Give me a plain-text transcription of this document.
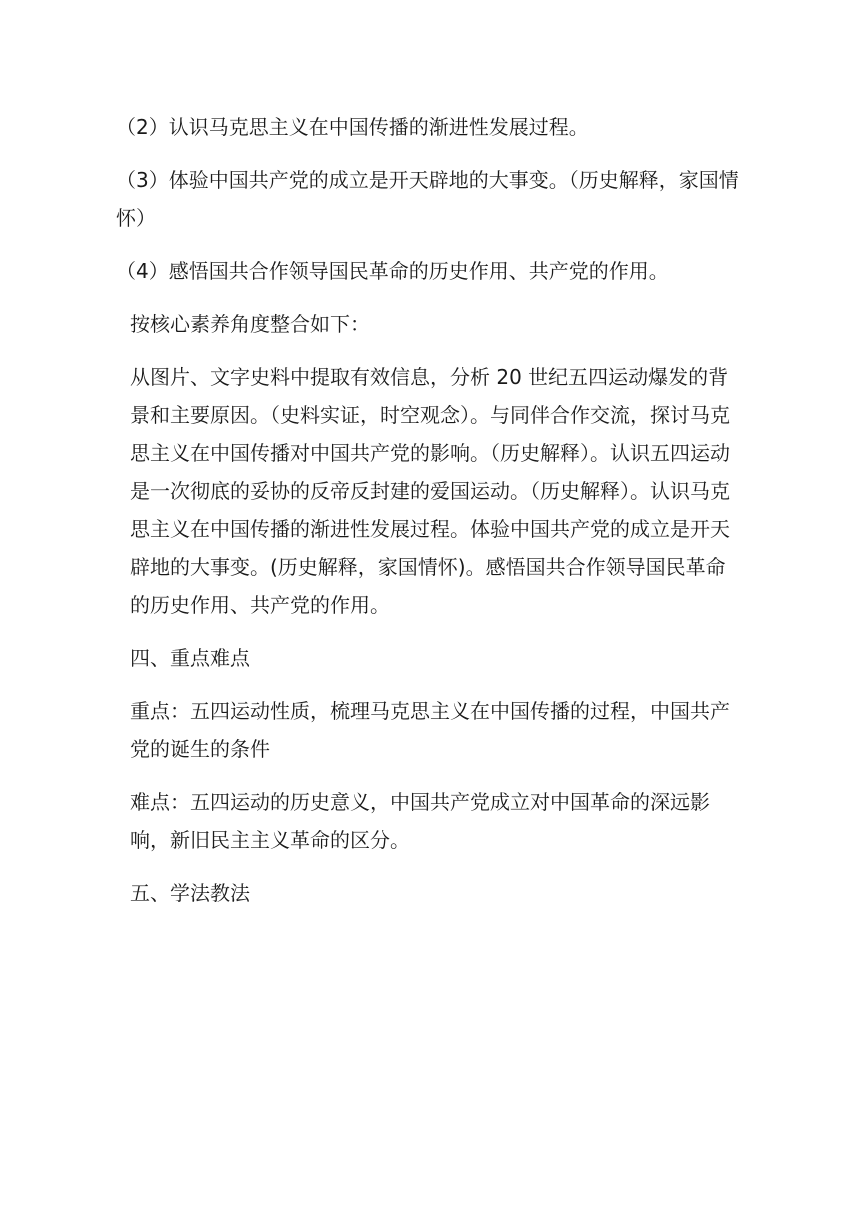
（2）认识马克思主义在中国传播的渐进性发展过程。

（3）体验中国共产党的成立是开天辟地的大事变。（历史解释，家国情怀）

（4）感悟国共合作领导国民革命的历史作用、共产党的作用。

按核心素养角度整合如下：

从图片、文字史料中提取有效信息，分析 20 世纪五四运动爆发的背景和主要原因。（史料实证，时空观念）。与同伴合作交流，探讨马克思主义在中国传播对中国共产党的影响。（历史解释）。认识五四运动是一次彻底的妥协的反帝反封建的爱国运动。（历史解释）。认识马克思主义在中国传播的渐进性发展过程。体验中国共产党的成立是开天辟地的大事变。(历史解释，家国情怀)。感悟国共合作领导国民革命的历史作用、共产党的作用。

四、重点难点

重点：五四运动性质，梳理马克思主义在中国传播的过程，中国共产党的诞生的条件

难点：五四运动的历史意义，中国共产党成立对中国革命的深远影响，新旧民主主义革命的区分。

五、学法教法
